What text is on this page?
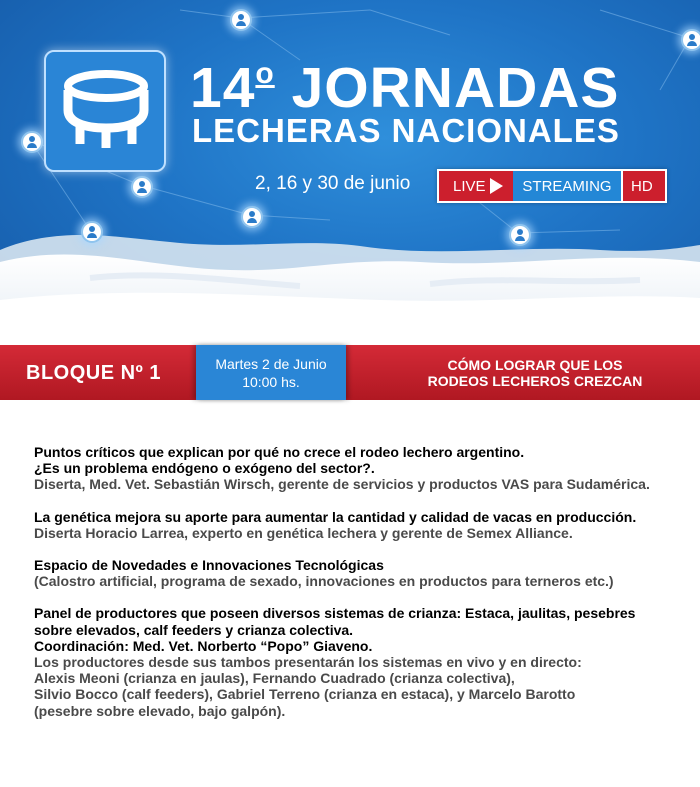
14$^o$ JORNADAS
LECHERAS NACIONALES
2, 16 y 30 de junio	LIVE	STREAMING	HD
BLOQUE Nº 1	Martes 2 de Junio
10:00 hs.
CÓMO LOGRAR QUE LOS
RODEOS LECHEROS CREZCAN

Puntos críticos que explican por qué no crece el rodeo lechero argentino.
¿Es un problema endógeno o exógeno del sector?.
Diserta, Med. Vet. Sebastián Wirsch, gerente de servicios y productos VAS para Sudamérica.

La genética mejora su aporte para aumentar la cantidad y calidad de vacas en producción.
Diserta Horacio Larrea, experto en genética lechera y gerente de Semex Alliance.

Espacio de Novedades e Innovaciones Tecnológicas
(Calostro artificial, programa de sexado, innovaciones en productos para terneros etc.)

Panel de productores que poseen diversos sistemas de crianza: Estaca, jaulitas, pesebres
sobre elevados, calf feeders y crianza colectiva.
Coordinación: Med. Vet. Norberto “Popo” Giaveno.
Los productores desde sus tambos presentarán los sistemas en vivo y en directo:
Alexis Meoni (crianza en jaulas), Fernando Cuadrado (crianza colectiva),
Silvio Bocco (calf feeders), Gabriel Terreno (crianza en estaca), y Marcelo Barotto
(pesebre sobre elevado, bajo galpón).
